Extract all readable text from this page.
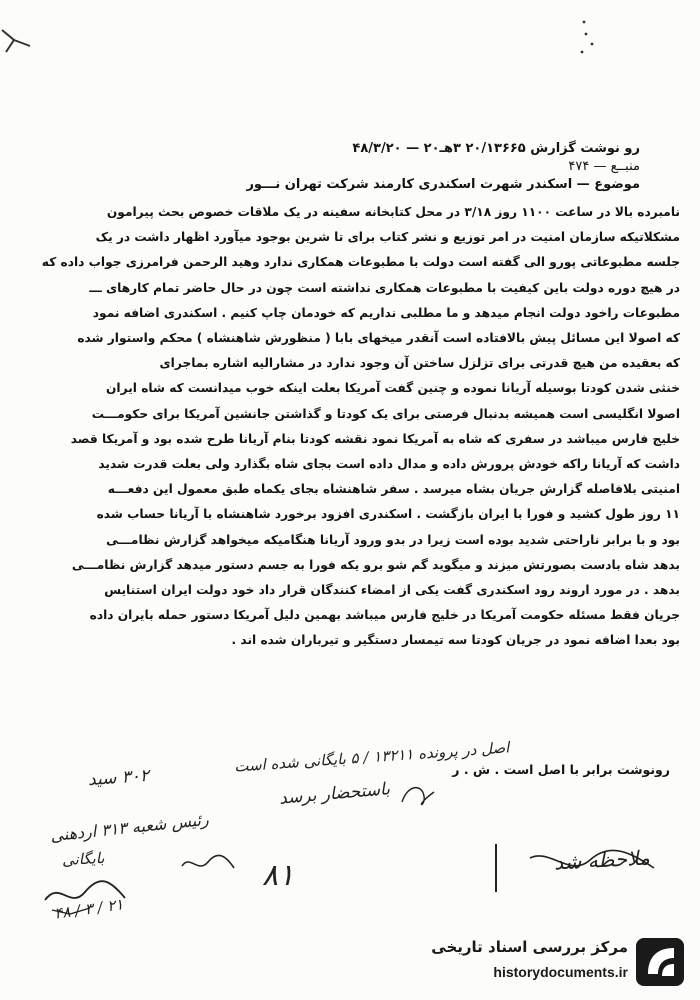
رو نوشت گزارش ۲۰/۱۳۶۶۵ ۳هـ۲۰ — ۴۸/۳/۲۰
منبــع — ۴۷۴
موضوع — اسکندر شهرت اسکندری کارمند شرکت تهران نـــور
نامبرده بالا در ساعت ۱۱۰۰ روز ۳/۱۸ در محل کتابخانه سفینه در یک ملاقات خصوص بحث پیرامون
مشکلاتیکه سازمان امنیت در امر توزیع و نشر کتاب برای تا شرین بوجود میآورد اظهار داشت در یک
جلسه مطبوعاتی پورو الی گفته است دولت با مطبوعات همکاری ندارد وهید الرحمن فرامرزی جواب داده که
در هیچ دوره دولت باین کیفیت با مطبوعات همکاری نداشته است چون در حال حاضر تمام کارهای ـــ
مطبوعات راخود دولت انجام میدهد و ما مطلبی نداریم که خودمان چاپ کنیم . اسکندری اضافه نمود
که اصولا این مسائل پیش بالافتاده است آنقدر میخهای بابا ( منظورش شاهنشاه ) محکم واستوار شده
که بعقیده من هیچ قدرتی برای تزلزل ساختن آن وجود ندارد در مشارالیه اشاره بماجرای
خنثی شدن کودتا بوسیله آریانا نموده و چنین گفت آمریکا بعلت اینکه خوب میدانست که شاه ایران
اصولا انگلیسی است همیشه بدنبال فرصتی برای یک کودتا و گذاشتن جانشین آمریکا برای حکومـــت
خلیج فارس میباشد در سفری که شاه به آمریکا نمود نقشه کودتا بنام آریانا طرح شده بود و آمریکا قصد
داشت که آریانا راکه خودش پرورش داده و مدال داده است بجای شاه بگذارد ولی بعلت قدرت شدید
امنیتی بلافاصله گزارش جریان بشاه میرسد . سفر شاهنشاه بجای یکماه طبق معمول این دفعـــه
۱۱ روز طول کشید و فورا با ایران بازگشت . اسکندری افزود برخورد شاهنشاه با آریانا حساب شده
بود و با برابر ناراحتی شدید بوده است زیرا در بدو ورود آریانا هنگامیکه میخواهد گزارش نظامـــی
بدهد شاه بادست بصورتش میزند و میگوید گم شو برو یکه فورا به جسم دستور میدهد گزارش نظامـــی
بدهد . در مورد اروند رود اسکندری گفت یکی از امضاء کنندگان قرار داد خود دولت ایران استنایس
جریان فقط مسئله حکومت آمریکا در خلیج فارس میباشد بهمین دلیل آمریکا دستور حمله بایران داده
بود بعدا اضافه نمود در جریان کودتا سه تیمسار دستگیر و تیرباران شده اند .
رونوشت برابر با اصل است . ش . ر
اصل در پرونده ۱۳۲۱۱ / ۵ بایگانی شده است
۳۰۲ سید
باستحضار برسد
رئیس شعبه ۳۱۳ اردهنی
بایگانی
۲۱ / ۳ / ۴۸
۸۱	ملاحظه شد
مرکز بررسی اسناد تاریخی
historydocuments.ir
